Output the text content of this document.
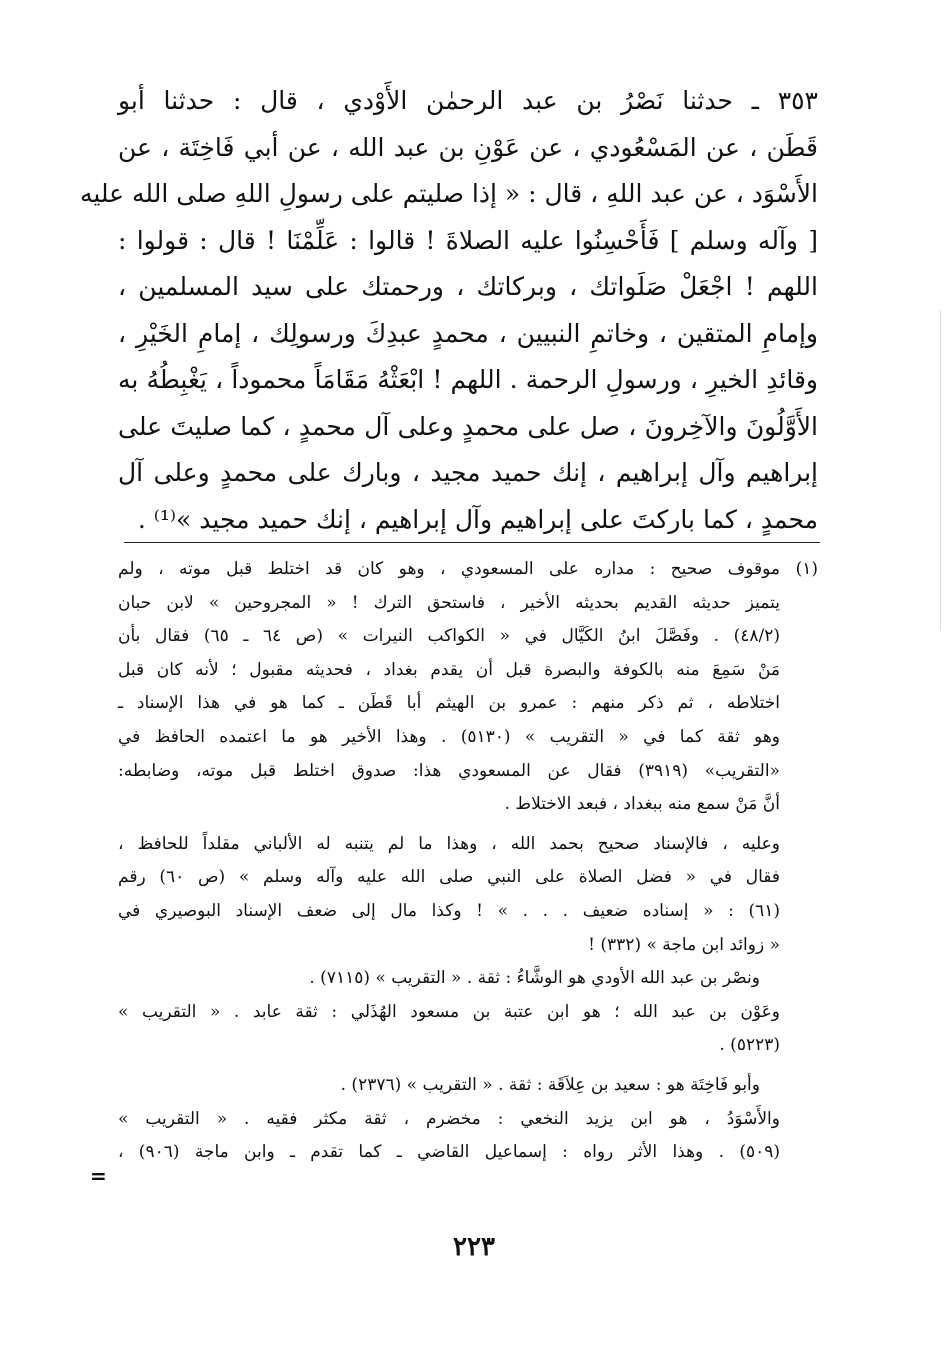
٣٥٣ ـ حدثنا نَصْرُ بن عبد الرحمٰن الأَوْدي ، قال : حدثنا أبو
قَطَن ، عن المَسْعُودي ، عن عَوْنِ بن عبد الله ، عن أبي فَاخِتَة ، عن
الأَسْوَد ، عن عبد اللهِ ، قال : « إذا صليتم على رسولِ اللهِ صلى الله عليه
[ وآله وسلم ] فَأَحْسِنُوا عليه الصلاةَ ! قالوا : عَلِّمْنَا ! قال : قولوا :
اللهم ! اجْعَلْ صَلَواتك ، وبركاتك ، ورحمتك على سيد المسلمين ،
وإمامِ المتقين ، وخاتمِ النبيين ، محمدٍ عبدِكَ ورسولِك ، إمامِ الخَيْرِ ،
وقائدِ الخيرِ ، ورسولِ الرحمة . اللهم ! ابْعَثْهُ مَقَامَاً محموداً ، يَغْبِطُهُ به
الأَوَّلُونَ والآخِرونَ ، صل على محمدٍ وعلى آل محمدٍ ، كما صليتَ على
إبراهيم وآل إبراهيم ، إنك حميد مجيد ، وبارك على محمدٍ وعلى آل
محمدٍ ، كما باركتَ على إبراهيم وآل إبراهيم ، إنك حميد مجيد »⁽¹⁾ .
(١)موقوف صحيح : مداره على المسعودي ، وهو كان قد اختلط قبل موته ، ولم
يتميز حديثه القديم بحديثه الأخير ، فاستحق الترك ! « المجروحين » لابن حبان
(٤٨/٢) . وفَصَّلَ ابنُ الكَيَّال في « الكواكب النيرات » (ص ٦٤ ـ ٦٥) فقال بأن
مَنْ سَمِعَ منه بالكوفة والبصرة قبل أن يقدم بغداد ، فحديثه مقبول ؛ لأنه كان قبل
اختلاطه ، ثم ذكر منهم : عمرو بن الهيثم أبا قَطَن ـ كما هو في هذا الإسناد ـ
وهو ثقة كما في « التقريب » (٥١٣٠) . وهذا الأخير هو ما اعتمده الحافظ في
«التقريب» (٣٩١٩) فقال عن المسعودي هذا: صدوق اختلط قبل موته، وضابطه:
أنَّ مَنْ سمع منه ببغداد ، فبعد الاختلاط .
وعليه ، فالإسناد صحيح بحمد الله ، وهذا ما لم يتنبه له الألباني مقلداً للحافظ ،
فقال في « فضل الصلاة على النبي صلى الله عليه وآله وسلم » (ص ٦٠) رقم
(٦١) : « إسناده ضعيف . . . » ! وكذا مال إلى ضعف الإسناد البوصيري في
« زوائد ابن ماجة » (٣٣٢) !
ونصْر بن عبد الله الأودي هو الوشَّاءُ : ثقة . « التقريب » (٧١١٥) .
وعَوْن بن عبد الله ؛ هو ابن عتبة بن مسعود الهُذَلي : ثقة عابد . « التقريب »
(٥٢٢٣) .
وأبو فَاخِتَة هو : سعيد بن عِلاَقَة : ثقة . « التقريب » (٢٣٧٦) .
والأَسْوَدُ ، هو ابن يزيد النخعي : مخضرم ، ثقة مكثر فقيه . « التقريب »
(٥٠٩) . وهذا الأثر رواه : إسماعيل القاضي ـ كما تقدم ـ وابن ماجة (٩٠٦) ،
=
٢٢٣
